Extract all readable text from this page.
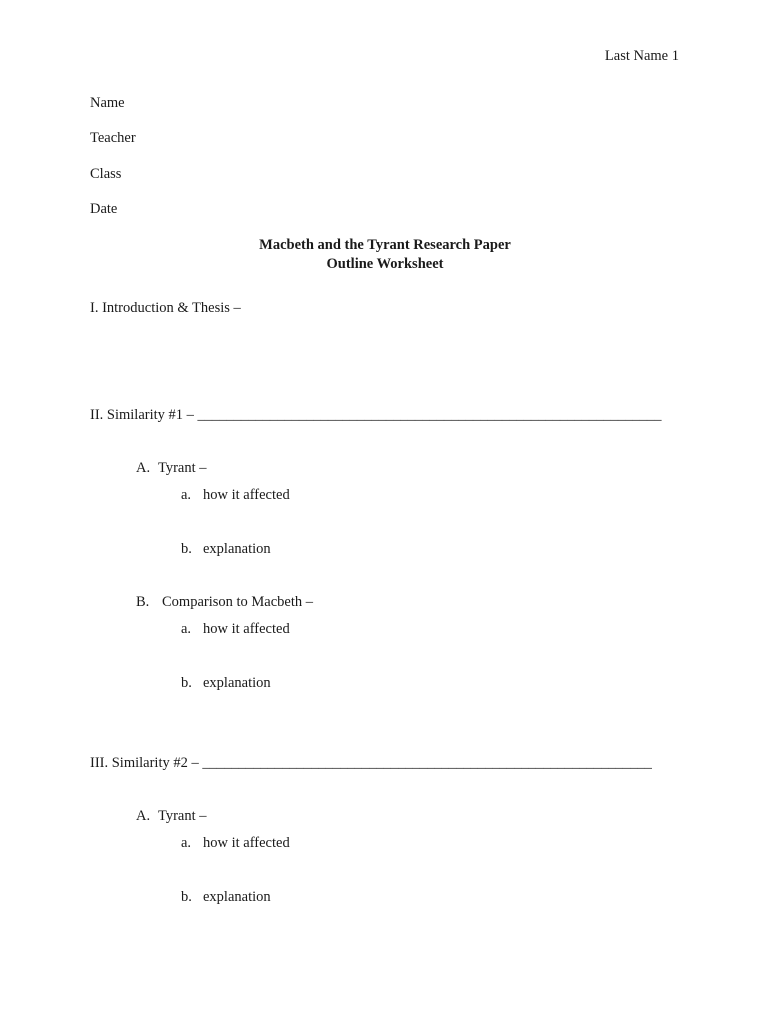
Last Name 1
Name
Teacher
Class
Date
Macbeth and the Tyrant Research Paper
Outline Worksheet
I. Introduction & Thesis –
II. Similarity #1 – ________________________________________________________________
A. Tyrant –
a. how it affected
b. explanation
B. Comparison to Macbeth –
a. how it affected
b. explanation
III. Similarity #2 – ______________________________________________________________
A. Tyrant –
a. how it affected
b. explanation
